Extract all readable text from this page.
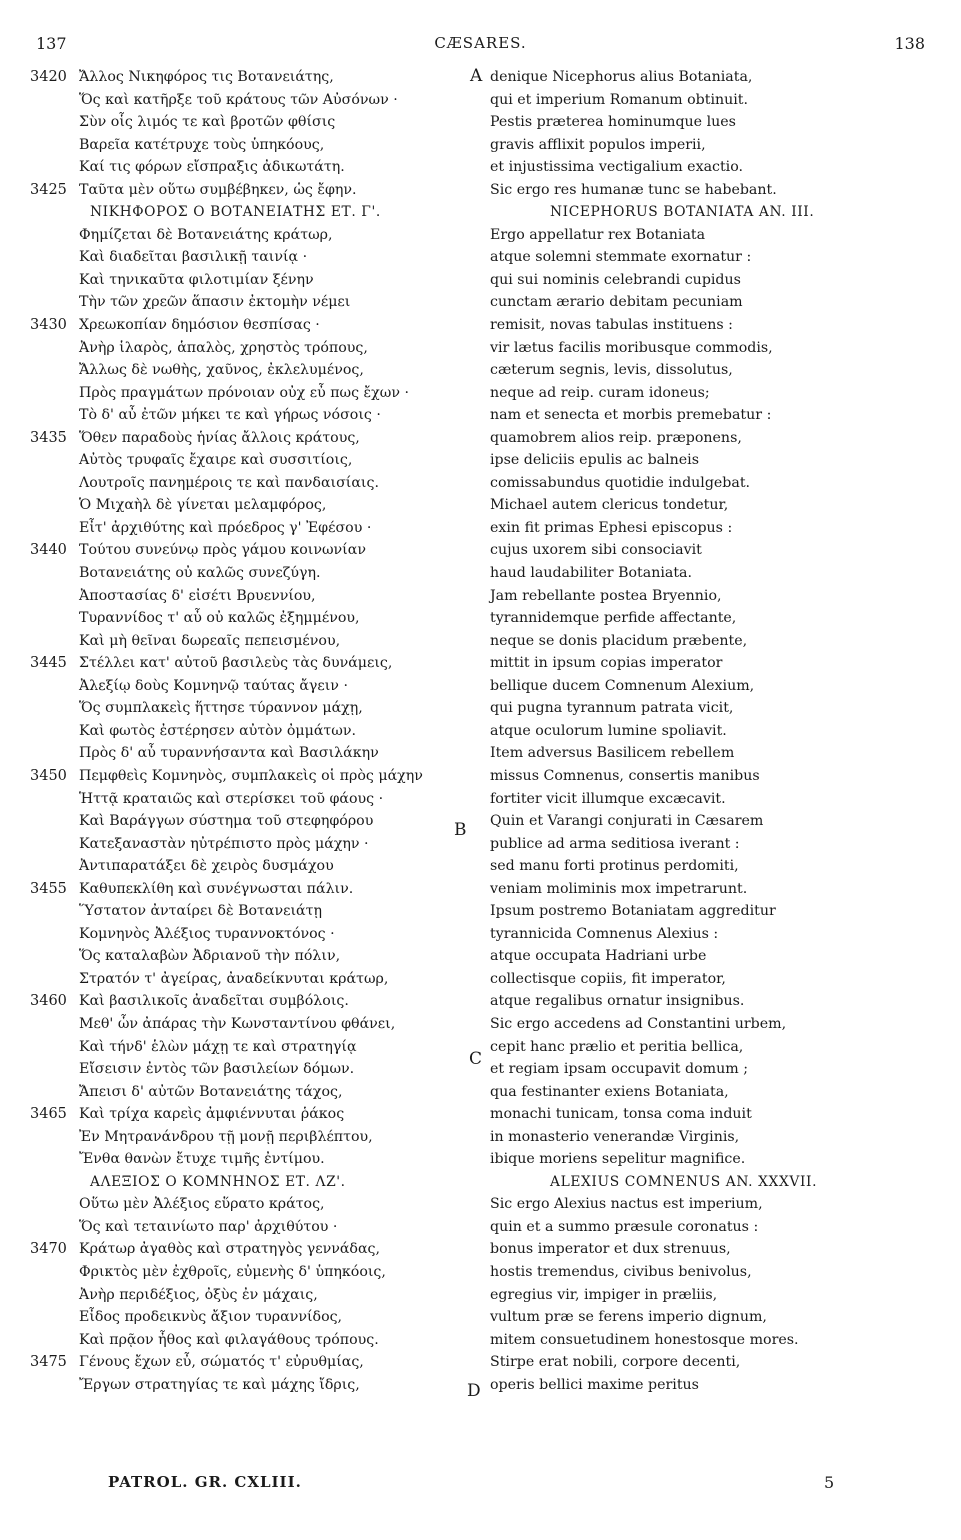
137	CÆSARES.	138
3420 Ἄλλος Νικηφόρος τις Βοτανειάτης,
Ὅς καὶ κατῆρξε τοῦ κράτους τῶν Αὐσόνων ·
Σὺν οἷς λιμός τε καὶ βροτῶν φθίσις
Βαρεῖα κατέτρυχε τοὺς ὑπηκόους,
Καί τις φόρων εἴσπραξις ἀδικωτάτη.
3425 Ταῦτα μὲν οὕτω συμβέβηκεν, ὡς ἔφην.
ΝΙΚΗΦΟΡΟΣ Ο ΒΟΤΑΝΕΙΑΤΗΣ ΕΤ. Γ'.
Φημίζεται δὲ Βοτανειάτης κράτωρ,
Καὶ διαδεῖται βασιλικῇ ταινίᾳ ·
Καὶ τηνικαῦτα φιλοτιμίαν ξένην
Τὴν τῶν χρεῶν ἅπασιν ἐκτομὴν νέμει
3430 Χρεωκοπίαν δημόσιον θεσπίσας ·
Ἀνὴρ ἱλαρὸς, ἁπαλὸς, χρηστὸς τρόπους,
Ἄλλως δὲ νωθὴς, χαῦνος, ἐκλελυμένος,
Πρὸς πραγμάτων πρόνοιαν οὐχ εὖ πως ἔχων ·
Τὸ δ' αὖ ἐτῶν μήκει τε καὶ γήρως νόσοις ·
3435 Ὅθεν παραδοὺς ἡνίας ἄλλοις κράτους,
Αὐτὸς τρυφαῖς ἔχαιρε καὶ συσσιτίοις,
Λουτροῖς πανημέροις τε καὶ πανδαισίαις.
Ὁ Μιχαὴλ δὲ γίνεται μελαμφόρος,
Εἶτ' ἀρχιθύτης καὶ πρόεδρος γ' Ἐφέσου ·
3440 Τούτου συνεύνῳ πρὸς γάμου κοινωνίαν
Βοτανειάτης οὐ καλῶς συνεζύγη.
Ἀποστασίας δ' εἰσέτι Βρυεννίου,
Τυραννίδος τ' αὖ οὐ καλῶς ἐξημμένου,
Καὶ μὴ θεῖναι δωρεαῖς πεπεισμένου,
3445 Στέλλει κατ' αὐτοῦ βασιλεὺς τὰς δυνάμεις,
Ἀλεξίῳ δοὺς Κομνηνῷ ταύτας ἄγειν ·
Ὅς συμπλακεὶς ἥττησε τύραννον μάχῃ,
Καὶ φωτὸς ἐστέρησεν αὐτὸν ὀμμάτων.
Πρὸς δ' αὖ τυραννήσαντα καὶ Βασιλάκην
3450 Πεμφθεὶς Κομνηνὸς, συμπλακεὶς οἱ πρὸς μάχην
Ἡττᾷ κραταιῶς καὶ στερίσκει τοῦ φάους ·
Καὶ Βαράγγων σύστημα τοῦ στεφηφόρου
Κατεξαναστὰν ηὐτρέπιστο πρὸς μάχην ·
Ἀντιπαρατάξει δὲ χειρὸς δυσμάχου
3455 Καθυπεκλίθη καὶ συνέγνωσται πάλιν.
Ὕστατον ἀνταίρει δὲ Βοτανειάτῃ
Κομνηνὸς Ἀλέξιος τυραννοκτόνος ·
Ὅς καταλαβὼν Ἀδριανοῦ τὴν πόλιν,
Στρατόν τ' ἀγείρας, ἀναδείκνυται κράτωρ,
3460 Καὶ βασιλικοῖς ἀναδεῖται συμβόλοις.
Μεθ' ὧν ἀπάρας τὴν Κωνσταντίνου φθάνει,
Καὶ τήνδ' ἑλὼν μάχῃ τε καὶ στρατηγίᾳ
Εἴσεισιν ἐντὸς τῶν βασιλείων δόμων.
Ἄπεισι δ' αὐτῶν Βοτανειάτης τάχος,
3465 Καὶ τρίχα καρεὶς ἀμφιέννυται ῥάκος
Ἐν Μητρανάνδρου τῇ μονῇ περιβλέπτου,
Ἔνθα θανὼν ἔτυχε τιμῆς ἐντίμου.
ΑΛΕΞΙΟΣ Ο ΚΟΜΝΗΝΟΣ ΕΤ. ΛΖ'.
Οὕτω μὲν Ἀλέξιος εὕρατο κράτος,
Ὅς καὶ τεταινίωτο παρ' ἀρχιθύτου ·
3470 Κράτωρ ἀγαθὸς καὶ στρατηγὸς γεννάδας,
Φρικτὸς μὲν ἐχθροῖς, εὐμενὴς δ' ὑπηκόοις,
Ἀνὴρ περιδέξιος, ὀξὺς ἐν μάχαις,
Εἶδος προδεικνὺς ἄξιον τυραννίδος,
Καὶ πρᾷον ἦθος καὶ φιλαγάθους τρόπους.
3475 Γένους ἔχων εὖ, σώματός τ' εὐρυθμίας,
Ἔργων στρατηγίας τε καὶ μάχης ἴδρις,
denique Nicephorus alius Botaniata,
qui et imperium Romanum obtinuit.
Pestis præterea hominumque lues
gravis afflixit populos imperii,
et injustissima vectigalium exactio.
Sic ergo res humanæ tunc se habebant.
NICEPHORUS BOTANIATA AN. III.
Ergo appellatur rex Botaniata
atque solemni stemmate exornatur :
qui sui nominis celebrandi cupidus
cunctam ærario debitam pecuniam
remisit, novas tabulas instituens :
vir lætus facilis moribusque commodis,
cæterum segnis, levis, dissolutus,
neque ad reip. curam idoneus;
nam et senecta et morbis premebatur :
quamobrem alios reip. præponens,
ipse deliciis epulis ac balneis
comissabundus quotidie indulgebat.
Michael autem clericus tondetur,
exin fit primas Ephesi episcopus :
cujus uxorem sibi consociavit
haud laudabiliter Botaniata.
Jam rebellante postea Bryennio,
tyrannidemque perfide affectante,
neque se donis placidum præbente,
mittit in ipsum copias imperator
bellique ducem Comnenum Alexium,
qui pugna tyrannum patrata vicit,
atque oculorum lumine spoliavit.
Item adversus Basilicem rebellem
missus Comnenus, consertis manibus
fortiter vicit illumque excæcavit.
Quin et Varangi conjurati in Cæsarem
publice ad arma seditiosa iverant :
sed manu forti protinus perdomiti,
veniam moliminis mox impetrarunt.
Ipsum postremo Botaniatam aggreditur
tyrannicida Comnenus Alexius :
atque occupata Hadriani urbe
collectisque copiis, fit imperator,
atque regalibus ornatur insignibus.
Sic ergo accedens ad Constantini urbem,
cepit hanc prælio et peritia bellica,
et regiam ipsam occupavit domum ;
qua festinanter exiens Botaniata,
monachi tunicam, tonsa coma induit
in monasterio venerandæ Virginis,
ibique moriens sepelitur magnifice.
ALEXIUS COMNENUS AN. XXXVII.
Sic ergo Alexius nactus est imperium,
quin et a summo præsule coronatus :
bonus imperator et dux strenuus,
hostis tremendus, civibus benivolus,
egregius vir, impiger in præliis,
vultum præ se ferens imperio dignum,
mitem consuetudinem honestosque mores.
Stirpe erat nobili, corpore decenti,
operis bellici maxime peritus
A
B
C
D
PATROL. GR. CXLIII.	5
